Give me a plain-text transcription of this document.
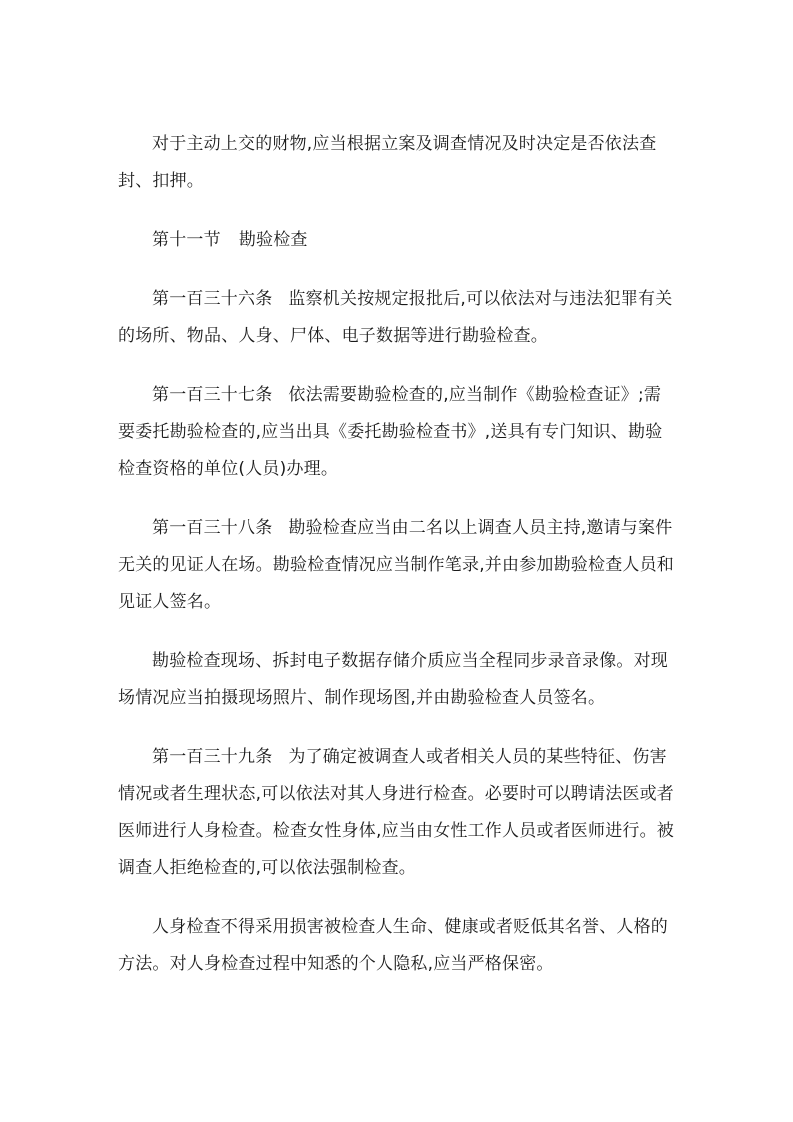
对于主动上交的财物,应当根据立案及调查情况及时决定是否依法查封、扣押。

第十一节 勘验检查

第一百三十六条 监察机关按规定报批后,可以依法对与违法犯罪有关的场所、物品、人身、尸体、电子数据等进行勘验检查。

第一百三十七条 依法需要勘验检查的,应当制作《勘验检查证》;需要委托勘验检查的,应当出具《委托勘验检查书》,送具有专门知识、勘验检查资格的单位(人员)办理。

第一百三十八条 勘验检查应当由二名以上调查人员主持,邀请与案件无关的见证人在场。勘验检查情况应当制作笔录,并由参加勘验检查人员和见证人签名。

勘验检查现场、拆封电子数据存储介质应当全程同步录音录像。对现场情况应当拍摄现场照片、制作现场图,并由勘验检查人员签名。

第一百三十九条 为了确定被调查人或者相关人员的某些特征、伤害情况或者生理状态,可以依法对其人身进行检查。必要时可以聘请法医或者医师进行人身检查。检查女性身体,应当由女性工作人员或者医师进行。被调查人拒绝检查的,可以依法强制检查。

人身检查不得采用损害被检查人生命、健康或者贬低其名誉、人格的方法。对人身检查过程中知悉的个人隐私,应当严格保密。
